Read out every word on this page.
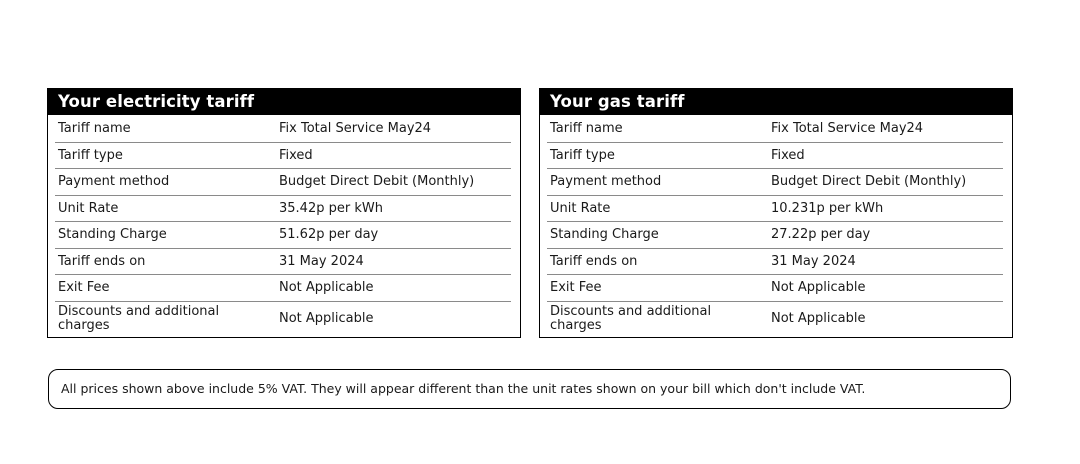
Your electricity tariff
Tariff name	Fix Total Service May24
Tariff type	Fixed
Payment method	Budget Direct Debit (Monthly)
Unit Rate	35.42p per kWh
Standing Charge	51.62p per day
Tariff ends on	31 May 2024
Exit Fee	Not Applicable
Discounts and additional charges	Not Applicable
Your gas tariff
Tariff name	Fix Total Service May24
Tariff type	Fixed
Payment method	Budget Direct Debit (Monthly)
Unit Rate	10.231p per kWh
Standing Charge	27.22p per day
Tariff ends on	31 May 2024
Exit Fee	Not Applicable
Discounts and additional charges	Not Applicable
All prices shown above include 5% VAT. They will appear different than the unit rates shown on your bill which don't include VAT.
